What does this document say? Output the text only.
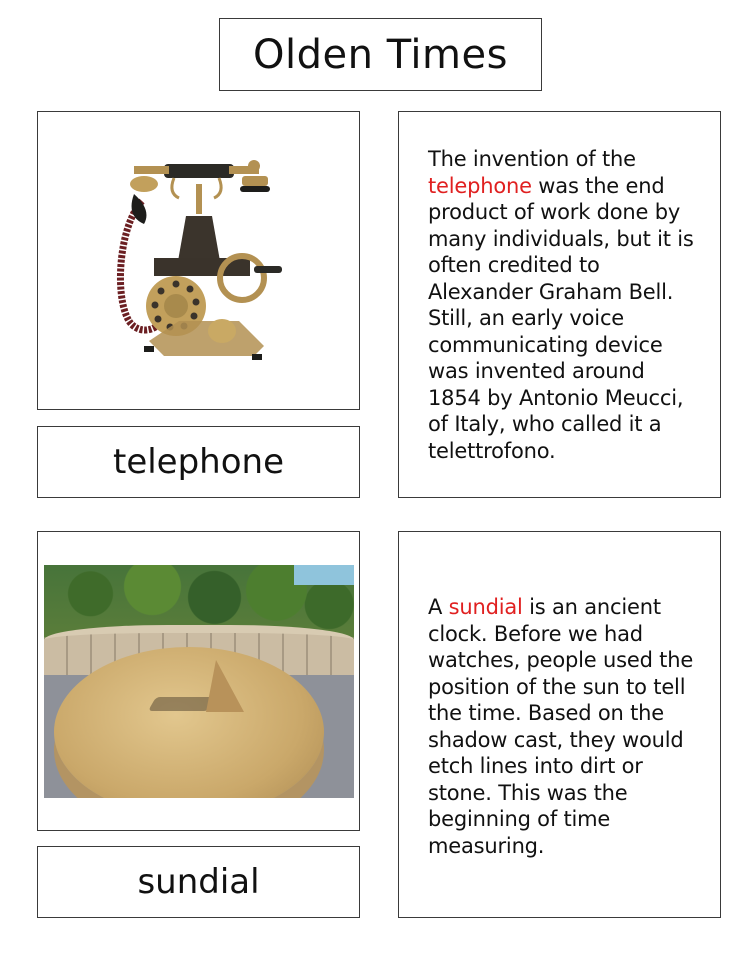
Olden Times
telephone

The invention of the telephone was the end product of work done by many individuals, but it is often credited to Alexander Graham Bell. Still, an early voice communicating device was invented around 1854 by Antonio Meucci, of Italy, who called it a telettrofono.

sundial

A sundial is an ancient clock. Before we had watches, people used the position of the sun to tell the time. Based on the shadow cast, they would etch lines into dirt or stone. This was the beginning of time measuring.
